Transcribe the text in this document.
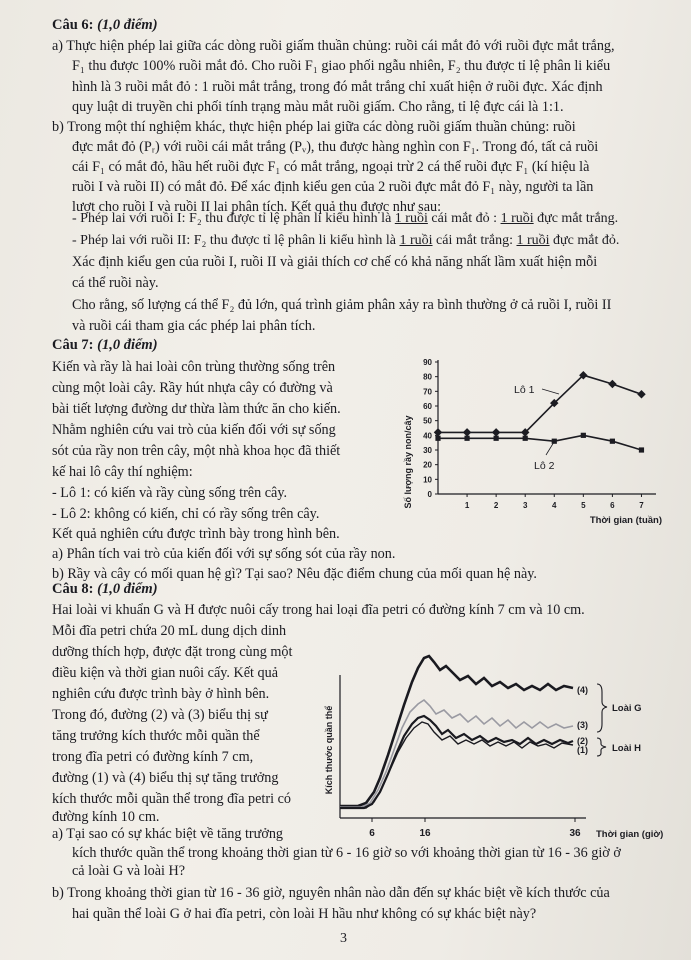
Câu 6: (1,0 điểm)
a) Thực hiện phép lai giữa các dòng ruồi giấm thuần chủng: ruồi cái mắt đỏ với ruồi đực mắt trắng,
F₁ thu được 100% ruồi mắt đỏ. Cho ruồi F₁ giao phối ngẫu nhiên, F₂ thu được tỉ lệ phân li kiểu
hình là 3 ruồi mắt đỏ : 1 ruồi mắt trắng, trong đó mắt trắng chỉ xuất hiện ở ruồi đực. Xác định
quy luật di truyền chi phối tính trạng màu mắt ruồi giấm. Cho rằng, tỉ lệ đực cái là 1:1.
b) Trong một thí nghiệm khác, thực hiện phép lai giữa các dòng ruồi giấm thuần chủng: ruồi
đực mắt đỏ (Pᵣ) với ruồi cái mắt trắng (Pᵥ), thu được hàng nghìn con F₁. Trong đó, tất cả ruồi
cái F₁ có mắt đỏ, hầu hết ruồi đực F₁ có mắt trắng, ngoại trừ 2 cá thể ruồi đực F₁ (kí hiệu là
ruồi I và ruồi II) có mắt đỏ. Để xác định kiểu gen của 2 ruồi đực mắt đỏ F₁ này, người ta lần
lượt cho ruồi I và ruồi II lai phân tích. Kết quả thu được như sau:
- Phép lai với ruồi I: F₂ thu được tỉ lệ phân li kiểu hình là 1 ruồi cái mắt đỏ : 1 ruồi đực mắt trắng.
- Phép lai với ruồi II: F₂ thu được tỉ lệ phân li kiểu hình là 1 ruồi cái mắt trắng: 1 ruồi đực mắt đỏ.
Xác định kiểu gen của ruồi I, ruồi II và giải thích cơ chế có khả năng nhất lầm xuất hiện mỗi
cá thể ruồi này.
Cho rằng, số lượng cá thể F₂ đủ lớn, quá trình giảm phân xảy ra bình thường ở cả ruồi I, ruồi II
và ruồi cái tham gia các phép lai phân tích.
Câu 7: (1,0 điểm)
Kiến và rầy là hai loài côn trùng thường sống trên
cùng một loài cây. Rầy hút nhựa cây có đường và
bài tiết lượng đường dư thừa làm thức ăn cho kiến.
Nhằm nghiên cứu vai trò của kiến đối với sự sống
sót của rầy non trên cây, một nhà khoa học đã thiết
kế hai lô cây thí nghiệm:
- Lô 1: có kiến và rầy cùng sống trên cây.
- Lô 2: không có kiến, chỉ có rầy sống trên cây.
Kết quả nghiên cứu được trình bày trong hình bên.
a) Phân tích vai trò của kiến đối với sự sống sót của rầy non.
b) Rầy và cây có mối quan hệ gì? Tại sao? Nêu đặc điểm chung của mối quan hệ này.
Số lượng rầy non/cây
Thời gian (tuần)
0
10
20
30
40
50
60
70
80
90
1	2	3	4	5	6	7
Lô 1
Lô 2
Câu 8: (1,0 điểm)
Hai loài vi khuẩn G và H được nuôi cấy trong hai loại đĩa petri có đường kính 7 cm và 10 cm.
Mỗi đĩa petri chứa 20 mL dung dịch dinh
dưỡng thích hợp, được đặt trong cùng một
điều kiện và thời gian nuôi cấy. Kết quả
nghiên cứu được trình bày ở hình bên.
Trong đó, đường (2) và (3) biểu thị sự
tăng trưởng kích thước mỗi quần thể
trong đĩa petri có đường kính 7 cm,
đường (1) và (4) biểu thị sự tăng trưởng
kích thước mỗi quần thể trong đĩa petri có
đường kính 10 cm.
a) Tại sao có sự khác biệt về tăng trưởng
kích thước quần thể trong khoảng thời gian từ 6 - 16 giờ so với khoảng thời gian từ 16 - 36 giờ ở
cả loài G và loài H?
b) Trong khoảng thời gian từ 16 - 36 giờ, nguyên nhân nào dẫn đến sự khác biệt về kích thước của
hai quần thể loài G ở hai đĩa petri, còn loài H hầu như không có sự khác biệt này?
Kích thước quần thể
6	16	36 Thời gian (giờ)
(4)
(3)
(2)
(1)
Loài G
Loài H
3
